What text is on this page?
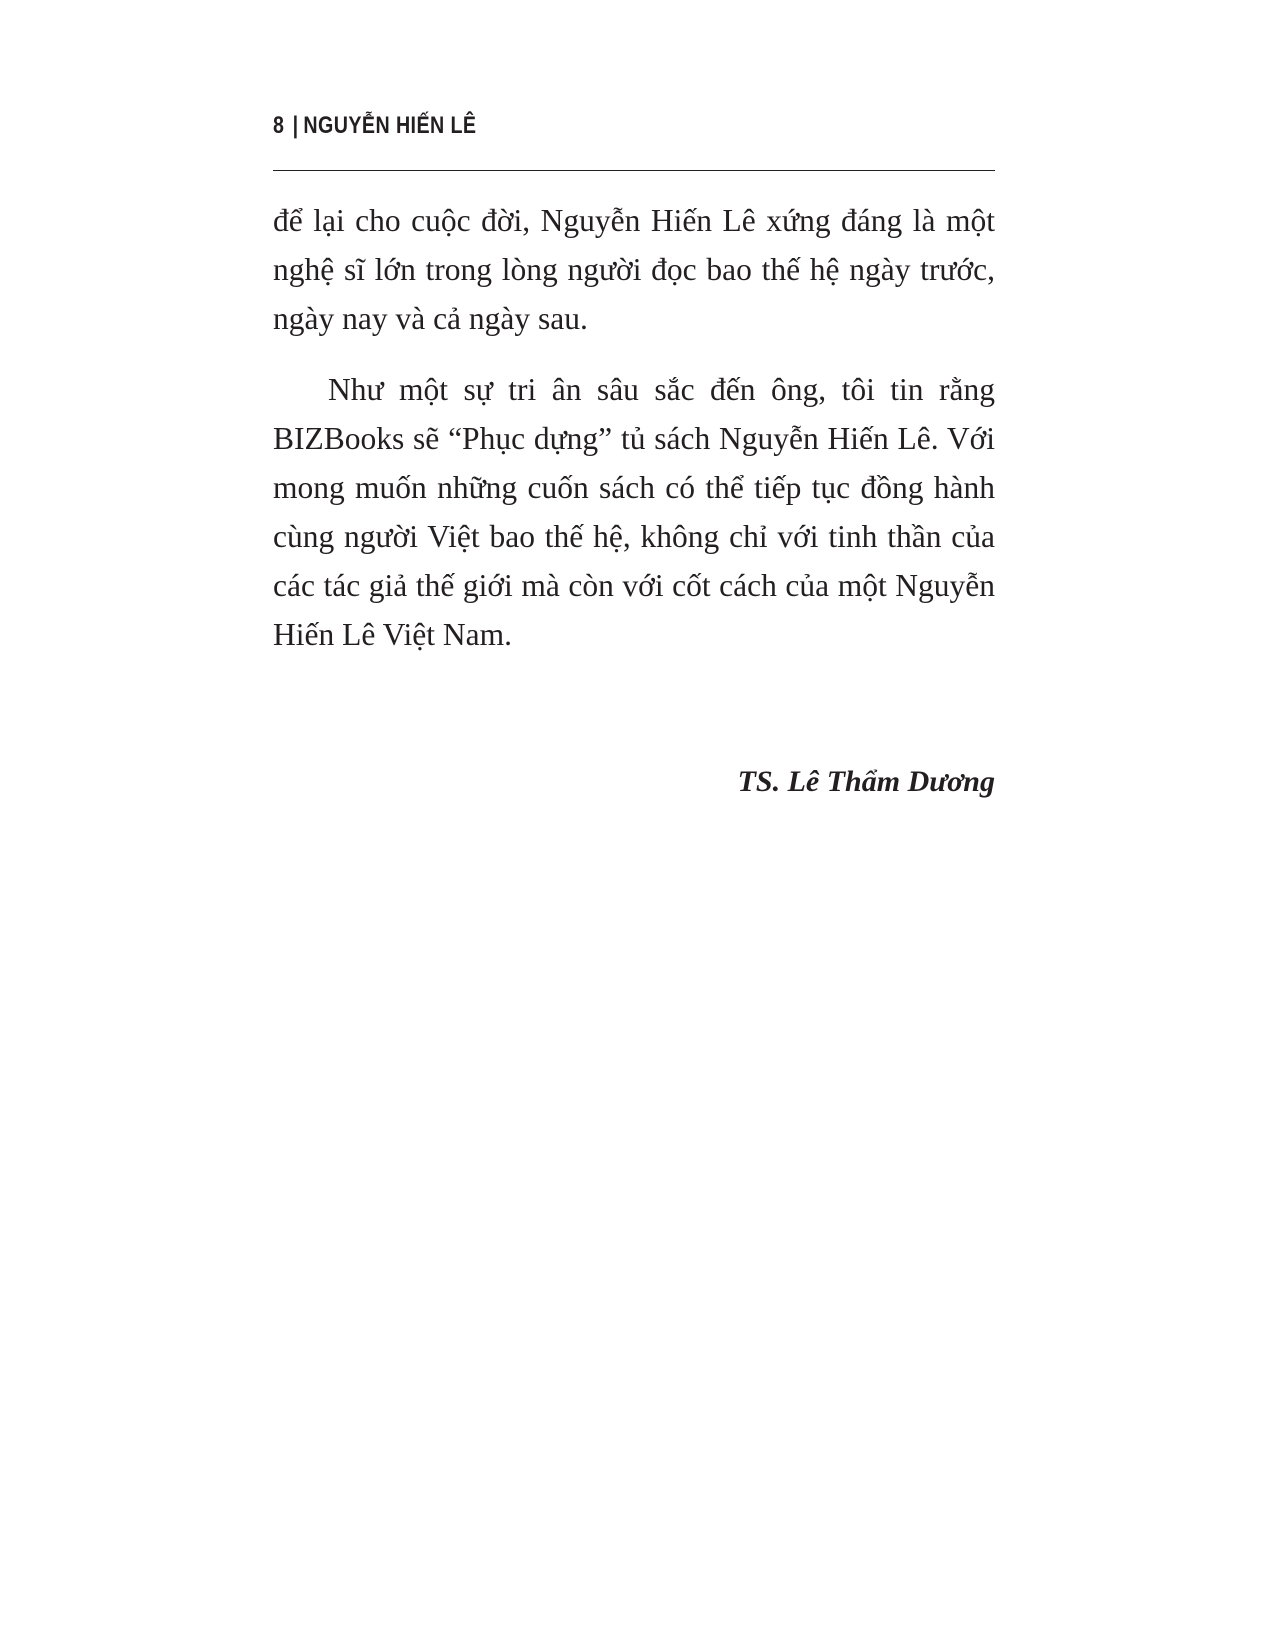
8 | NGUYỄN HIẾN LÊ

để lại cho cuộc đời, Nguyễn Hiến Lê xứng đáng là một nghệ sĩ lớn trong lòng người đọc bao thế hệ ngày trước, ngày nay và cả ngày sau.

Như một sự tri ân sâu sắc đến ông, tôi tin rằng BIZBooks sẽ “Phục dựng” tủ sách Nguyễn Hiến Lê. Với mong muốn những cuốn sách có thể tiếp tục đồng hành cùng người Việt bao thế hệ, không chỉ với tinh thần của các tác giả thế giới mà còn với cốt cách của một Nguyễn Hiến Lê Việt Nam.

TS. Lê Thẩm Dương
